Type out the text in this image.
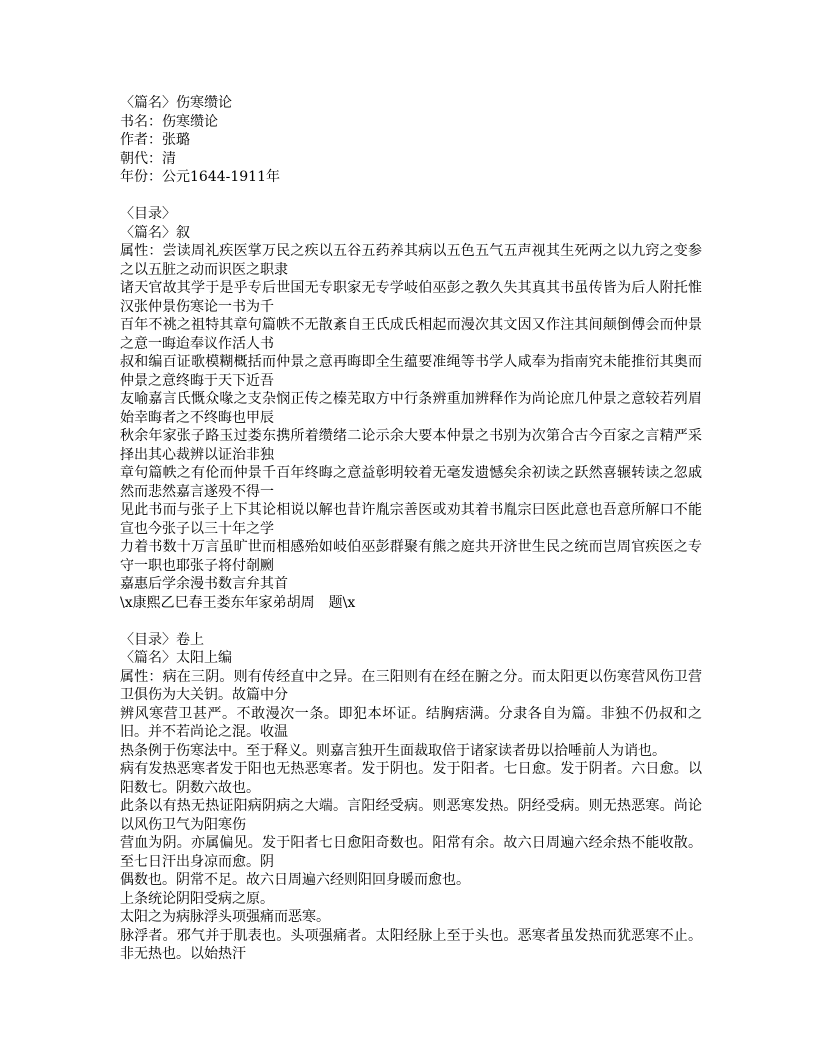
〈篇名〉伤寒缵论
书名：伤寒缵论
作者：张璐
朝代：清
年份：公元1644-1911年
〈目录〉
〈篇名〉叙
属性：尝读周礼疾医掌万民之疾以五谷五药养其病以五色五气五声视其生死两之以九窍之变参之以五脏之动而识医之职隶
诸天官故其学于是乎专后世国无专职家无专学岐伯巫彭之教久失其真其书虽传皆为后人附托惟汉张仲景伤寒论一书为千
百年不祧之祖特其章句篇帙不无散紊自王氏成氏相起而漫次其文因又作注其间颠倒傅会而仲景之意一晦迨奉议作活人书
叔和编百证歌模糊概括而仲景之意再晦即全生蕴要准绳等书学人咸奉为指南究未能推衍其奥而仲景之意终晦于天下近吾
友喻嘉言氏慨众喙之支杂悯正传之榛芜取方中行条辨重加辨释作为尚论庶几仲景之意较若列眉始幸晦者之不终晦也甲辰
秋余年家张子路玉过娄东携所着缵绪二论示余大要本仲景之书别为次第合古今百家之言精严采择出其心裁辨以证治非独
章句篇帙之有伦而仲景千百年终晦之意益彰明较着无毫发遗憾矣余初读之跃然喜辗转读之忽戚然而悲然嘉言遂殁不得一
见此书而与张子上下其论相说以解也昔许胤宗善医或劝其着书胤宗曰医此意也吾意所解口不能宣也今张子以三十年之学
力着书数十万言虽旷世而相感殆如岐伯巫彭群聚有熊之庭共开济世生民之统而岂周官疾医之专守一职也耶张子将付剞劂
嘉惠后学余漫书数言弁其首
\x康熙乙巳春王娄东年家弟胡周　题\x
〈目录〉卷上
〈篇名〉太阳上编
属性：病在三阴。则有传经直中之异。在三阳则有在经在腑之分。而太阳更以伤寒营风伤卫营卫俱伤为大关钥。故篇中分
辨风寒营卫甚严。不敢漫次一条。即犯本坏证。结胸痞满。分隶各自为篇。非独不仍叔和之旧。并不若尚论之混。收温
热条例于伤寒法中。至于释义。则嘉言独开生面裁取倍于诸家读者毋以拾唾前人为诮也。
病有发热恶寒者发于阳也无热恶寒者。发于阴也。发于阳者。七日愈。发于阴者。六日愈。以阳数七。阴数六故也。
此条以有热无热证阳病阴病之大端。言阳经受病。则恶寒发热。阴经受病。则无热恶寒。尚论以风伤卫气为阳寒伤
营血为阴。亦属偏见。发于阳者七日愈阳奇数也。阳常有余。故六日周遍六经余热不能收散。至七日汗出身凉而愈。阴
偶数也。阴常不足。故六日周遍六经则阳回身暖而愈也。
上条统论阴阳受病之原。
太阳之为病脉浮头项强痛而恶寒。
脉浮者。邪气并于肌表也。头项强痛者。太阳经脉上至于头也。恶寒者虽发热而犹恶寒不止。非无热也。以始热汗
